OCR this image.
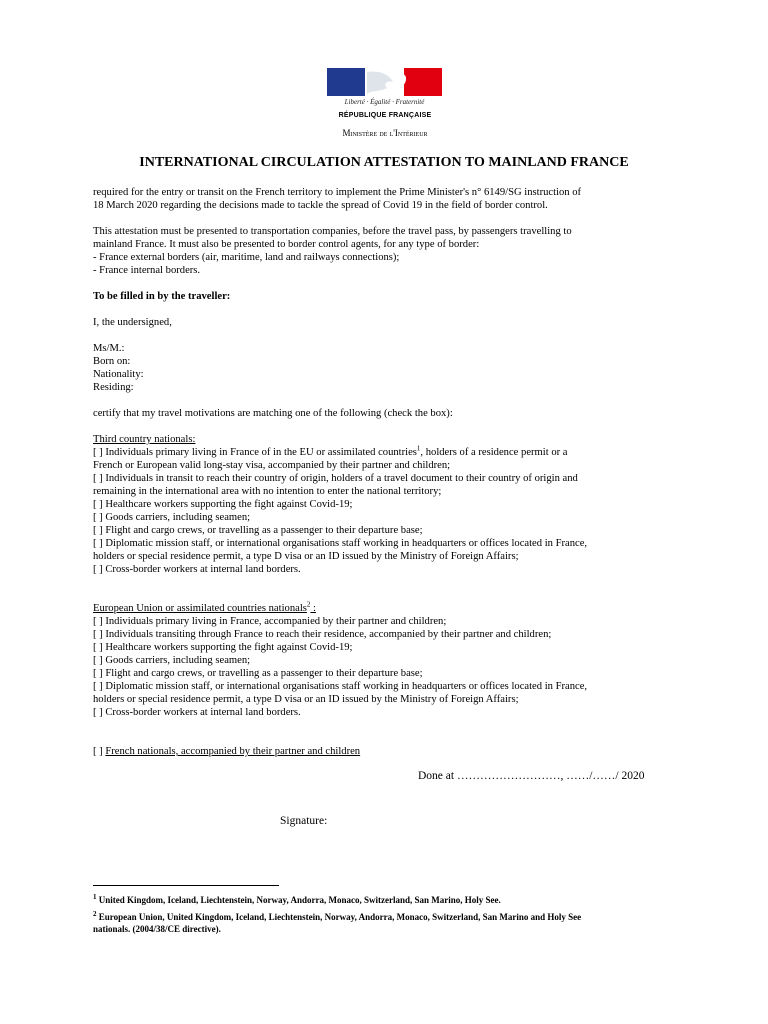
Liberté · Égalité · Fraternité
RÉPUBLIQUE FRANÇAISE
Ministère de l'Intérieur
INTERNATIONAL CIRCULATION ATTESTATION TO MAINLAND FRANCE
required for the entry or transit on the French territory to implement the Prime Minister's n° 6149/SG instruction of
18 March 2020 regarding the decisions made to tackle the spread of Covid 19 in the field of border control.
This attestation must be presented to transportation companies, before the travel pass, by passengers travelling to
mainland France. It must also be presented to border control agents, for any type of border:
- France external borders (air, maritime, land and railways connections);
- France internal borders.
To be filled in by the traveller:
I, the undersigned,
Ms/M.:
Born on:
Nationality:
Residing:
certify that my travel motivations are matching one of the following (check the box):
Third country nationals:
[ ] Individuals primary living in France of in the EU or assimilated countries$^1$, holders of a residence permit or a
French or European valid long-stay visa, accompanied by their partner and children;
[ ] Individuals in transit to reach their country of origin, holders of a travel document to their country of origin and
remaining in the international area with no intention to enter the national territory;
[ ] Healthcare workers supporting the fight against Covid-19;
[ ] Goods carriers, including seamen;
[ ] Flight and cargo crews, or travelling as a passenger to their departure base;
[ ] Diplomatic mission staff, or international organisations staff working in headquarters or offices located in France,
holders or special residence permit, a type D visa or an ID issued by the Ministry of Foreign Affairs;
[ ] Cross-border workers at internal land borders.
European Union or assimilated countries nationals$^2$ :
[ ] Individuals primary living in France, accompanied by their partner and children;
[ ] Individuals transiting through France to reach their residence, accompanied by their partner and children;
[ ] Healthcare workers supporting the fight against Covid-19;
[ ] Goods carriers, including seamen;
[ ] Flight and cargo crews, or travelling as a passenger to their departure base;
[ ] Diplomatic mission staff, or international organisations staff working in headquarters or offices located in France,
holders or special residence permit, a type D visa or an ID issued by the Ministry of Foreign Affairs;
[ ] Cross-border workers at internal land borders.
[ ] French nationals, accompanied by their partner and children
Done at ………………………, ……/……/ 2020
Signature:
$^1$ United Kingdom, Iceland, Liechtenstein, Norway, Andorra, Monaco, Switzerland, San Marino, Holy See.
$^2$ European Union, United Kingdom, Iceland, Liechtenstein, Norway, Andorra, Monaco, Switzerland, San Marino and Holy See
nationals. (2004/38/CE directive).
